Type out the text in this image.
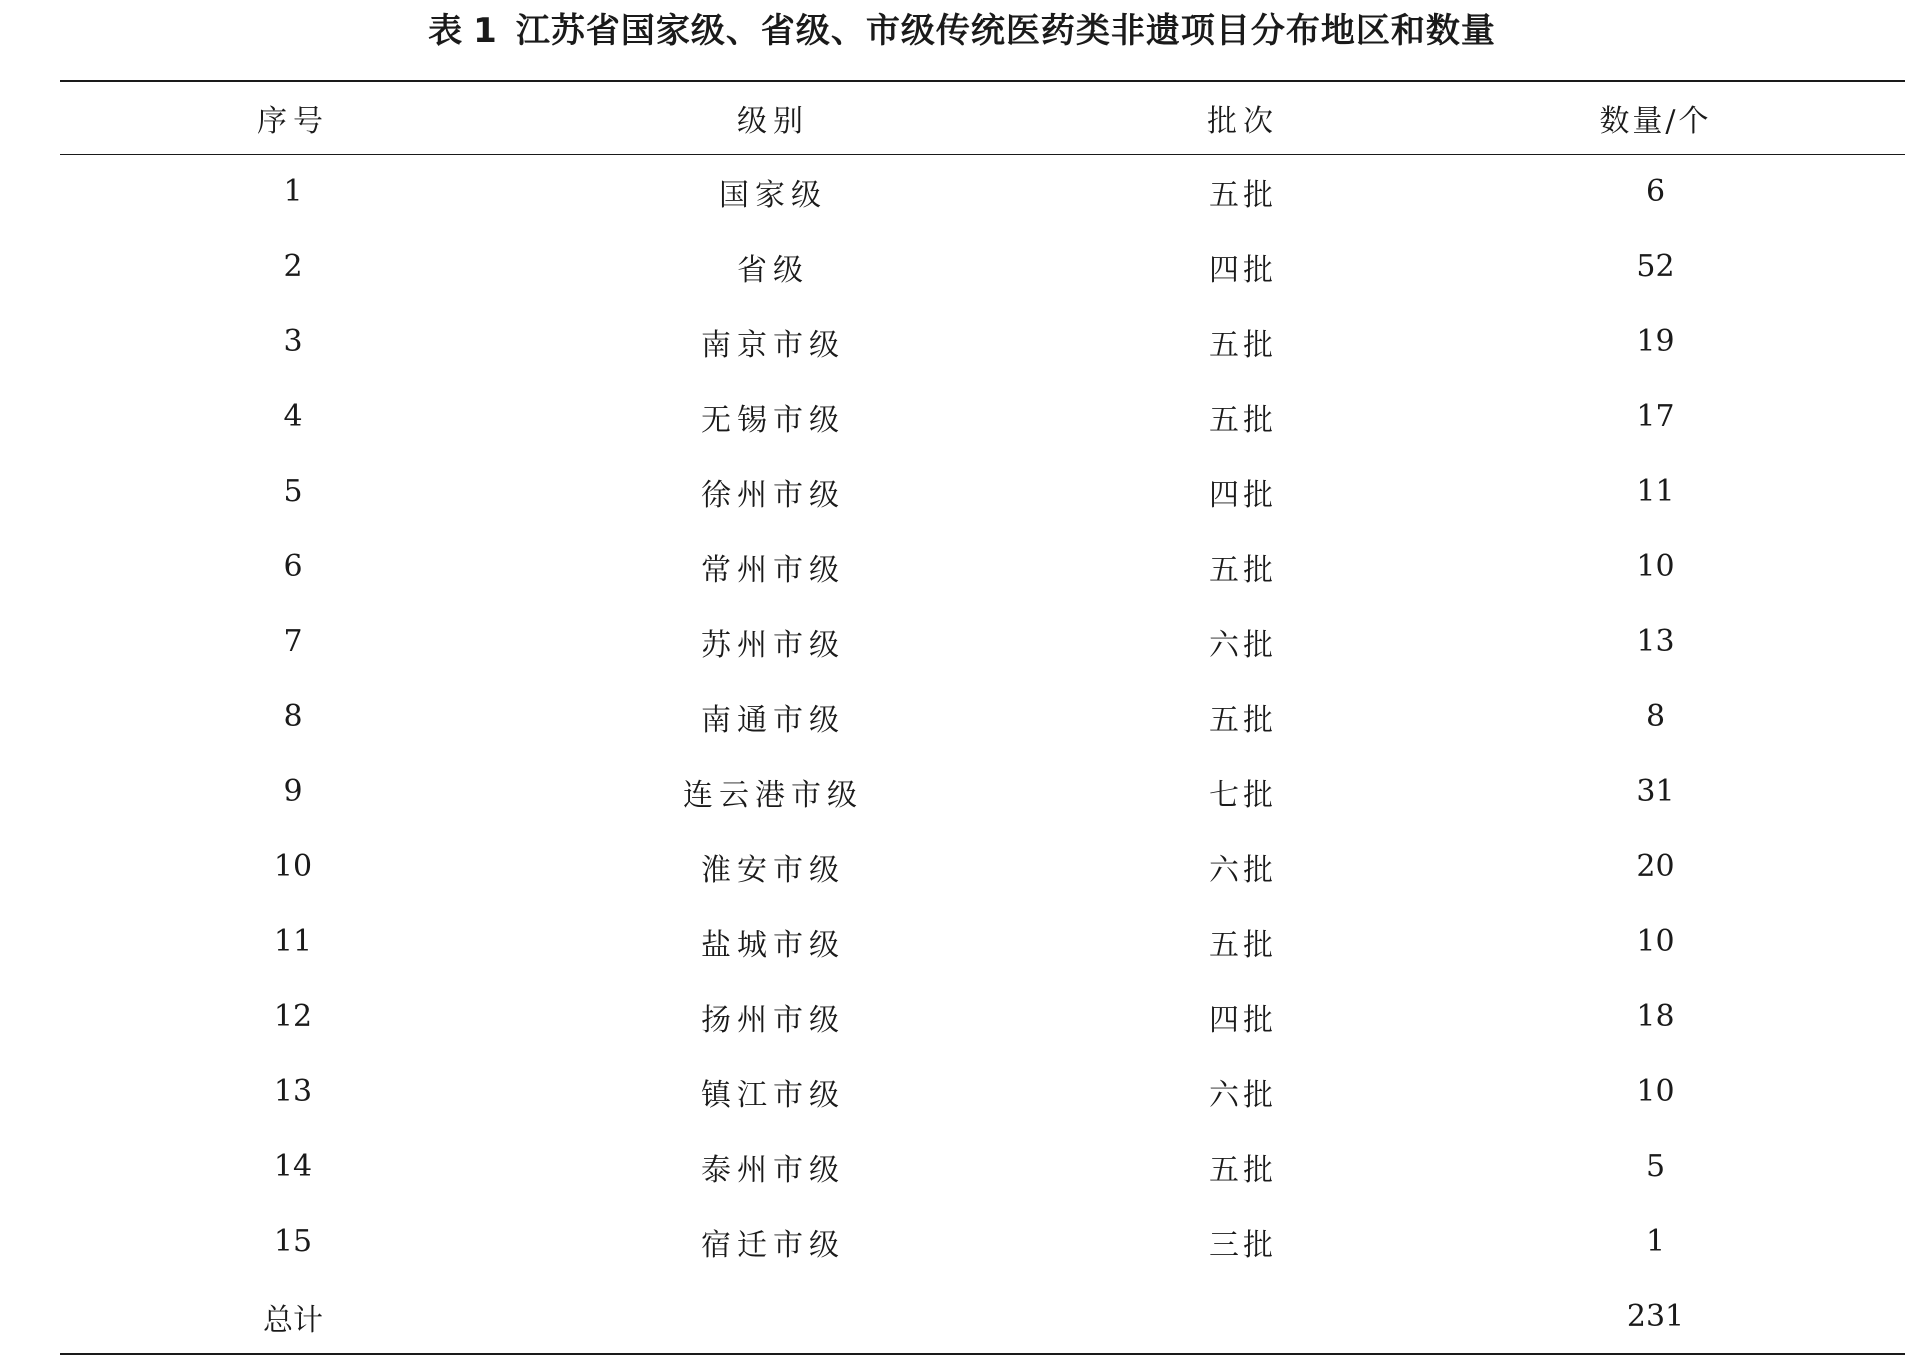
表 1 江苏省国家级、省级、市级传统医药类非遗项目分布地区和数量
序号	级别	批次	数量/个

1	国家级	五批	6

2	省级	四批	52

3	南京市级	五批	19

4	无锡市级	五批	17

5	徐州市级	四批	11

6	常州市级	五批	10

7	苏州市级	六批	13

8	南通市级	五批	8

9	连云港市级	七批	31

10	淮安市级	六批	20

11	盐城市级	五批	10

12	扬州市级	四批	18

13	镇江市级	六批	10

14	泰州市级	五批	5

15	宿迁市级	三批	1

总计			231
